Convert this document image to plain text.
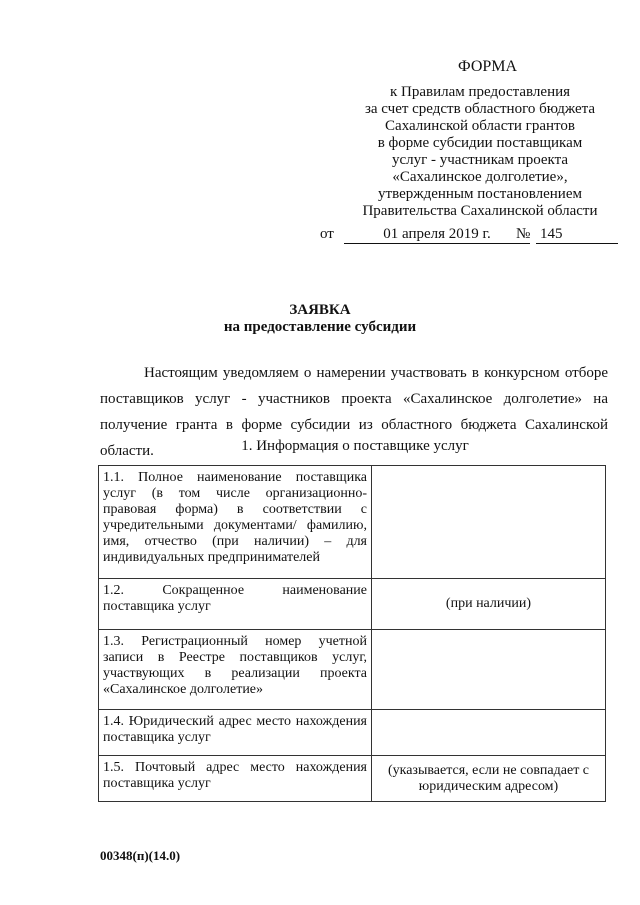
ФОРМА
к Правилам предоставления
за счет средств областного бюджета
Сахалинской области грантов
в форме субсидии поставщикам
услуг - участникам проекта
«Сахалинское долголетие»,
утвержденным постановлением
Правительства Сахалинской области
от	01 апреля 2019 г.	№ 145
ЗАЯВКА
на предоставление субсидии
Настоящим уведомляем о намерении участвовать в конкурсном отборе поставщиков услуг - участников проекта «Сахалинское долголетие» на получение гранта в форме субсидии из областного бюджета Сахалинской области.	1. Информация о поставщике услуг
1.1. Полное наименование поставщика услуг (в том числе организационно-правовая форма) в соответствии с учредительными документами/ фамилию, имя, отчество (при наличии) – для индивидуальных предпринимателей	
1.2. Сокращенное наименование поставщика услуг	(при наличии)
1.3. Регистрационный номер учетной записи в Реестре поставщиков услуг, участвующих в реализации проекта «Сахалинское долголетие»	
1.4. Юридический адрес место нахождения поставщика услуг	
1.5. Почтовый адрес место нахождения поставщика услуг	(указывается, если не совпадает с юридическим адресом)
00348(п)(14.0)
